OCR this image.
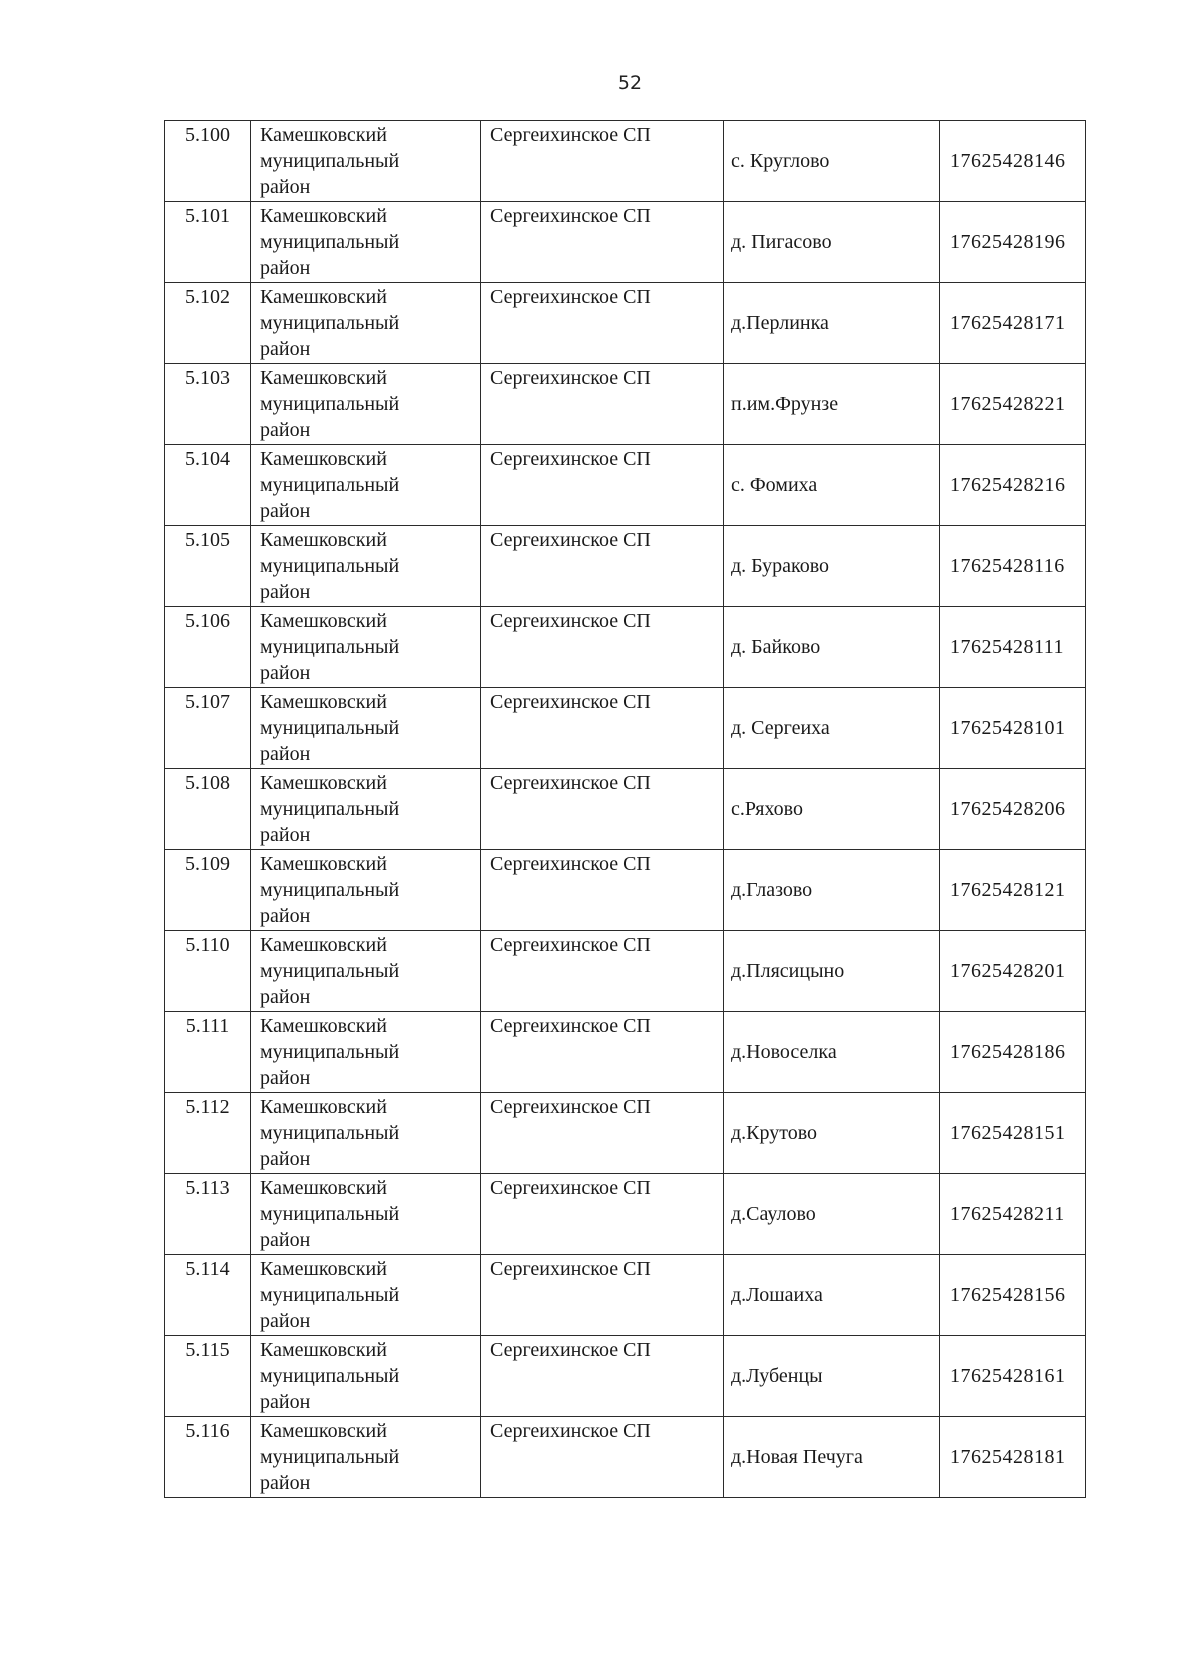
52
5.100	Камешковский
муниципальный
район	Сергеихинское СП	с. Круглово	17625428146
5.101	Камешковский
муниципальный
район	Сергеихинское СП	д. Пигасово	17625428196
5.102	Камешковский
муниципальный
район	Сергеихинское СП	д.Перлинка	17625428171
5.103	Камешковский
муниципальный
район	Сергеихинское СП	п.им.Фрунзе	17625428221
5.104	Камешковский
муниципальный
район	Сергеихинское СП	с. Фомиха	17625428216
5.105	Камешковский
муниципальный
район	Сергеихинское СП	д. Бураково	17625428116
5.106	Камешковский
муниципальный
район	Сергеихинское СП	д. Байково	17625428111
5.107	Камешковский
муниципальный
район	Сергеихинское СП	д. Сергеиха	17625428101
5.108	Камешковский
муниципальный
район	Сергеихинское СП	с.Ряхово	17625428206
5.109	Камешковский
муниципальный
район	Сергеихинское СП	д.Глазово	17625428121
5.110	Камешковский
муниципальный
район	Сергеихинское СП	д.Плясицыно	17625428201
5.111	Камешковский
муниципальный
район	Сергеихинское СП	д.Новоселка	17625428186
5.112	Камешковский
муниципальный
район	Сергеихинское СП	д.Крутово	17625428151
5.113	Камешковский
муниципальный
район	Сергеихинское СП	д.Саулово	17625428211
5.114	Камешковский
муниципальный
район	Сергеихинское СП	д.Лошаиха	17625428156
5.115	Камешковский
муниципальный
район	Сергеихинское СП	д.Лубенцы	17625428161
5.116	Камешковский
муниципальный
район	Сергеихинское СП	д.Новая Печуга	17625428181
